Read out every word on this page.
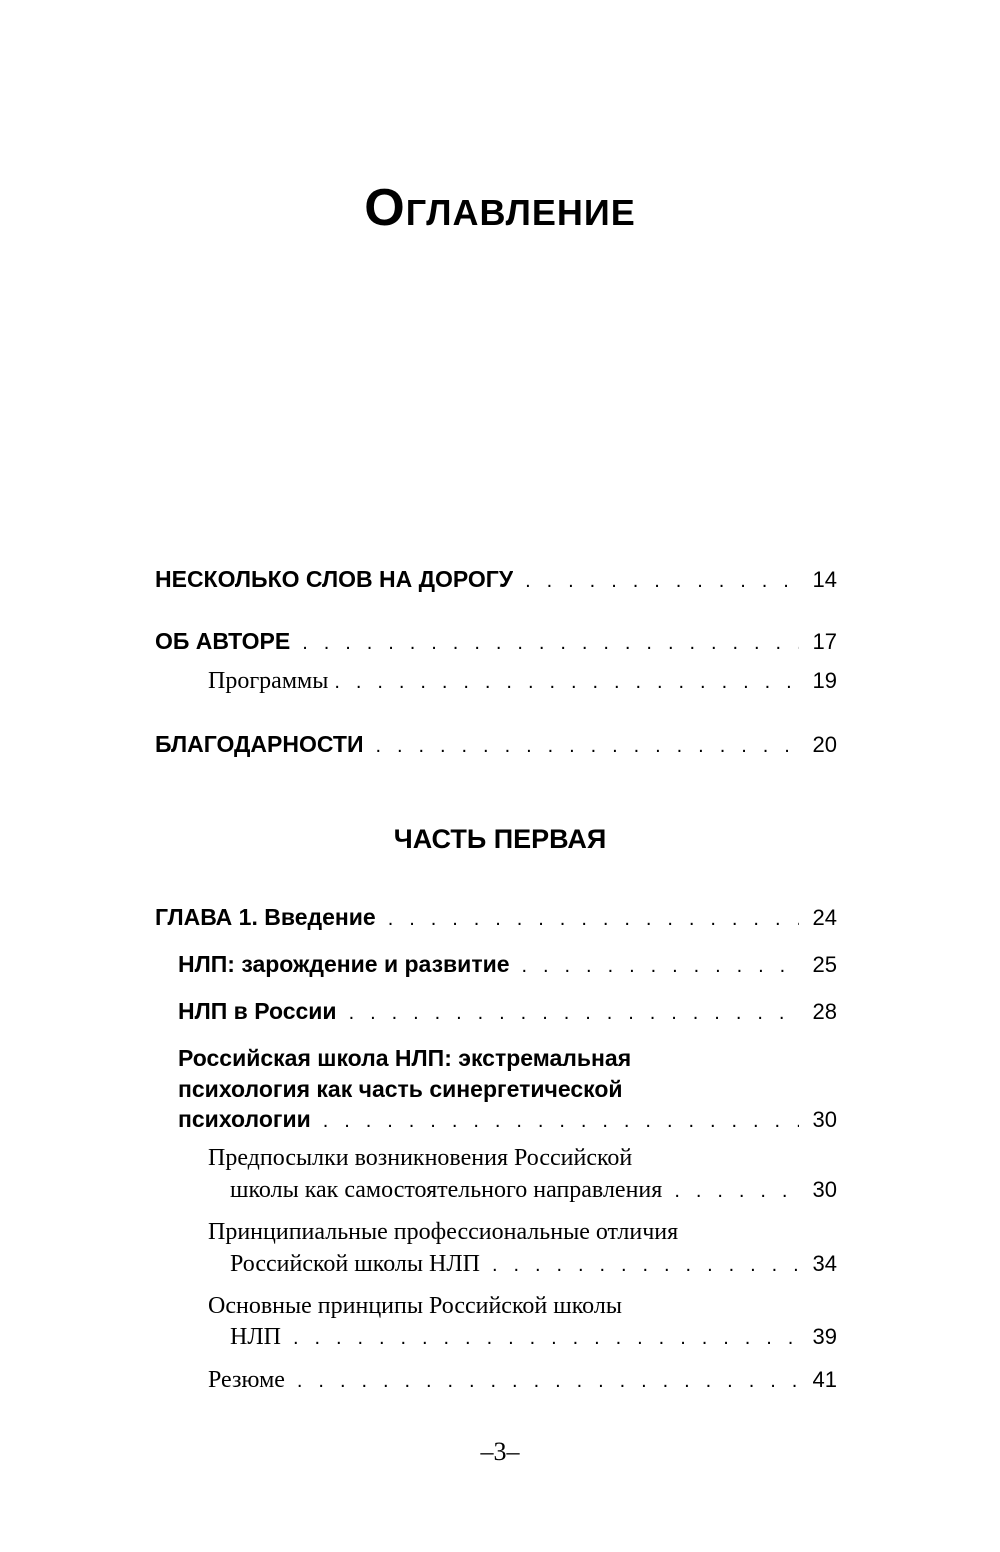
Оглавление
НЕСКОЛЬКО СЛОВ НА ДОРОГУ . . .	14
ОБ АВТОРЕ . . .	17
Программы . . .	19
БЛАГОДАРНОСТИ . . .	20
ЧАСТЬ ПЕРВАЯ
ГЛАВА 1. Введение . . .	24
НЛП: зарождение и развитие . . .	25
НЛП в России . . .	28
Российская школа НЛП: экстремальная
психология как часть синергетической
психологии . . .	30
Предпосылки возникновения Российской
школы как самостоятельного направления . . .	30
Принципиальные профессиональные отличия
Российской школы НЛП . . .	34
Основные принципы Российской школы
НЛП . . .	39
Резюме . . .	41

–3–
